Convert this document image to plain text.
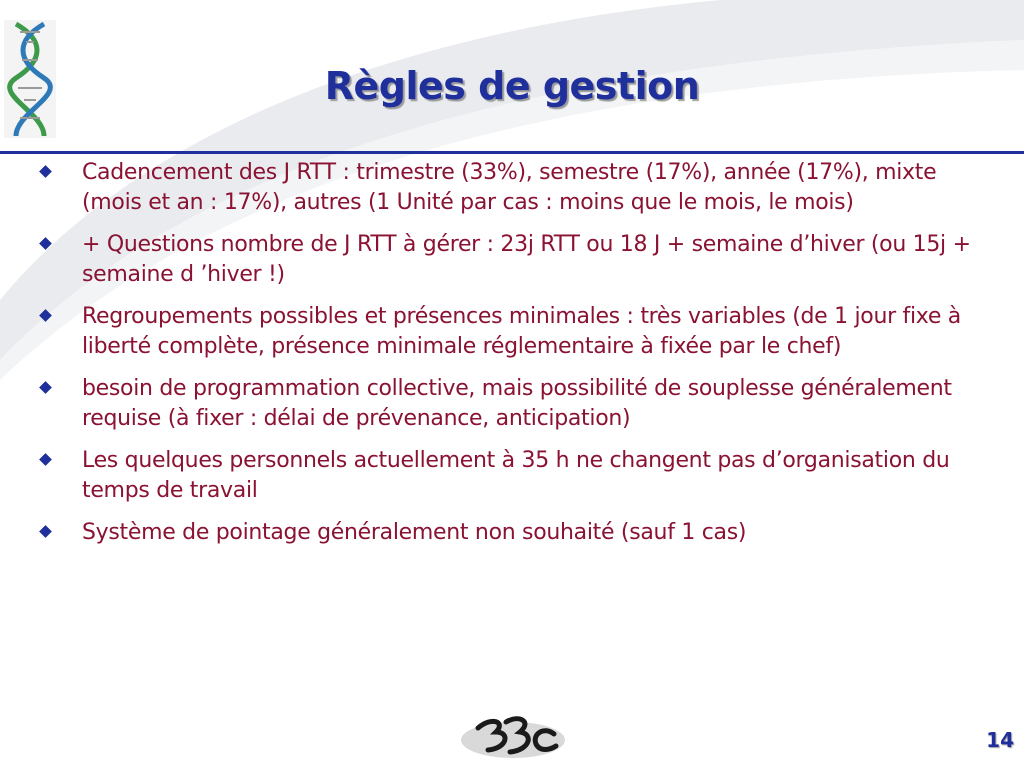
Règles de gestion
Cadencement des J RTT : trimestre (33%), semestre (17%), année (17%), mixte (mois et an : 17%), autres (1 Unité par cas : moins que le mois, le mois)
+ Questions nombre de J RTT à gérer : 23j RTT ou 18 J + semaine d’hiver (ou 15j + semaine d ’hiver !)
Regroupements possibles et présences minimales : très variables (de 1 jour fixe à liberté complète, présence minimale réglementaire à fixée par le chef)
besoin de programmation collective, mais possibilité de souplesse généralement requise (à fixer : délai de prévenance, anticipation)
Les quelques personnels actuellement à 35 h ne changent pas d’organisation du temps de travail
Système de pointage généralement non souhaité (sauf 1 cas)
14
